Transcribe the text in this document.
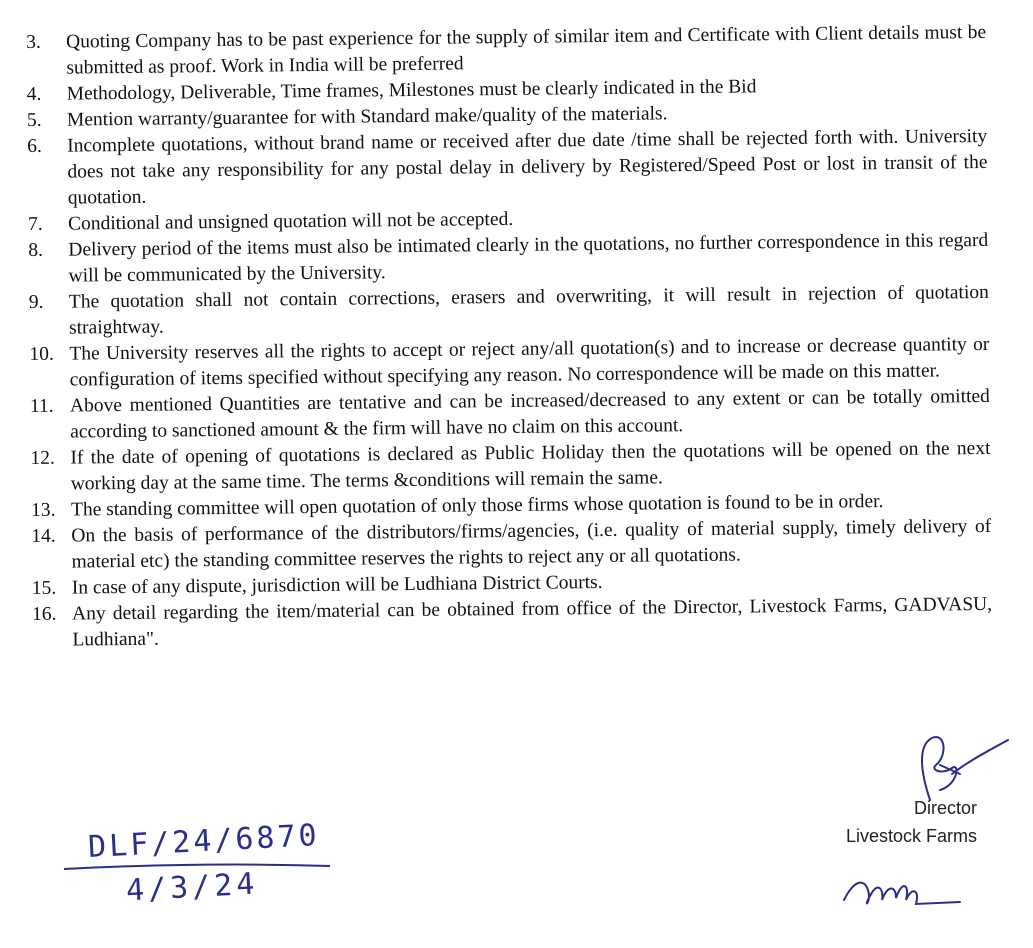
3.	Quoting Company has to be past experience for the supply of similar item and Certificate with Client details must be submitted as proof. Work in India will be preferred
4.	Methodology, Deliverable, Time frames, Milestones must be clearly indicated in the Bid
5.	Mention warranty/guarantee for with Standard make/quality of the materials.
6.	Incomplete quotations, without brand name or received after due date /time shall be rejected forth with. University does not take any responsibility for any postal delay in delivery by Registered/Speed Post or lost in transit of the quotation.
7.	Conditional and unsigned quotation will not be accepted.
8.	Delivery period of the items must also be intimated clearly in the quotations, no further correspondence in this regard will be communicated by the University.
9.	The quotation shall not contain corrections, erasers and overwriting, it will result in rejection of quotation straightway.
10. The University reserves all the rights to accept or reject any/all quotation(s) and to increase or decrease quantity or configuration of items specified without specifying any reason. No correspondence will be made on this matter.
11. Above mentioned Quantities are tentative and can be increased/decreased to any extent or can be totally omitted according to sanctioned amount & the firm will have no claim on this account.
12. If the date of opening of quotations is declared as Public Holiday then the quotations will be opened on the next working day at the same time. The terms &conditions will remain the same.
13. The standing committee will open quotation of only those firms whose quotation is found to be in order.
14. On the basis of performance of the distributors/firms/agencies, (i.e. quality of material supply, timely delivery of material etc) the standing committee reserves the rights to reject any or all quotations.
15. In case of any dispute, jurisdiction will be Ludhiana District Courts.
16. Any detail regarding the item/material can be obtained from office of the Director, Livestock Farms, GADVASU, Ludhiana".
DLF/24/6870
4/3/24
Director
Livestock Farms
